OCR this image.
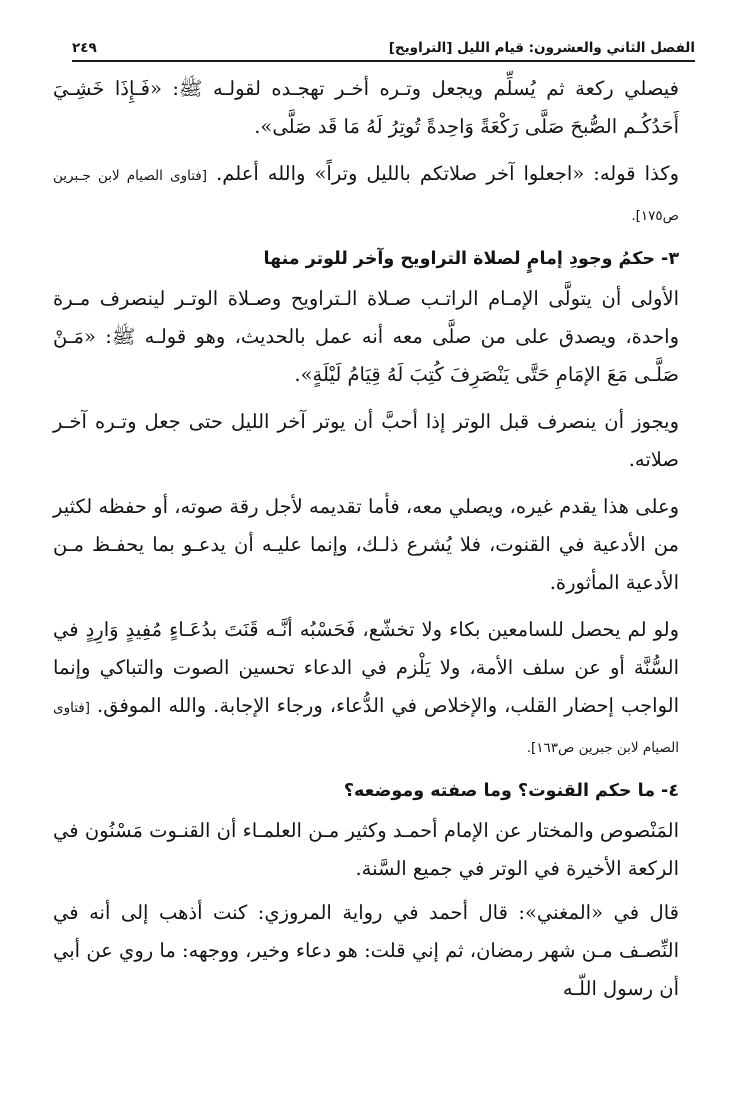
الفصل الثاني والعشرون: قيام الليل [التراويح]
٢٤٩

فيصلي ركعة ثم يُسلِّم ويجعل وتـره أخـر تهجـده لقولـه ﷺ: «فَـإِذَا خَشِـيَ أَحَدُكُـم الصُّبحَ صَلَّى رَكْعَةً وَاحِدةً تُوتِرُ لَهُ مَا قَد صَلَّى».

وكذا قوله: «اجعلوا آخر صلاتكم بالليل وتراً» والله أعلم. [فتاوى الصيام لابن جـبرين ص١٧٥].

٣-حكمُ وجودِ إمامٍ لصلاة التراويح وآخر للوتر منها

الأولى أن يتولَّى الإمـام الراتـب صـلاة الـتراويح وصـلاة الوتـر لينصرف مـرة واحدة، ويصدق على من صلَّى معه أنه عمل بالحديث، وهو قولـه ﷺ: «مَـنْ صَلَّـى مَعَ الإمَامِ حَتَّى يَنْصَرِفَ كُتِبَ لَهُ قِيَامُ لَيْلَةٍ».

ويجوز أن ينصرف قبل الوتر إذا أحبَّ أن يوتر آخر الليل حتى جعل وتـره آخـر صلاته.

وعلى هذا يقدم غيره، ويصلي معه، فأما تقديمه لأجل رقة صوته، أو حفظه لكثير من الأدعية في القنوت، فلا يُشرع ذلـك، وإنما عليـه أن يدعـو بما يحفـظ مـن الأدعية المأثورة.

ولو لم يحصل للسامعين بكاء ولا تخشّع، فَحَسْبُه أنَّـه قَنَتَ بدُعَـاءٍ مُفِيدٍ وَارِدٍ في السُّنَّة أو عن سلف الأمة، ولا يَلْزم في الدعاء تحسين الصوت والتباكي وإنما الواجب إحضار القلب، والإخلاص في الدُّعاء، ورجاء الإجابة. والله الموفق. [فتاوى الصيام لابن جبرين ص١٦٣].

٤-ما حكم القنوت؟ وما صفته وموضعه؟

المَنْصوص والمختار عن الإمام أحمـد وكثير مـن العلمـاء أن القنـوت مَسْنُون في الركعة الأخيرة في الوتر في جميع السَّنة.

قال في «المغني»: قال أحمد في رواية المروزي: كنت أذهب إلى أنه في النِّصـف مـن شهر رمضان، ثم إني قلت: هو دعاء وخير، ووجهه: ما روي عن أبي أن رسول اللّـه
